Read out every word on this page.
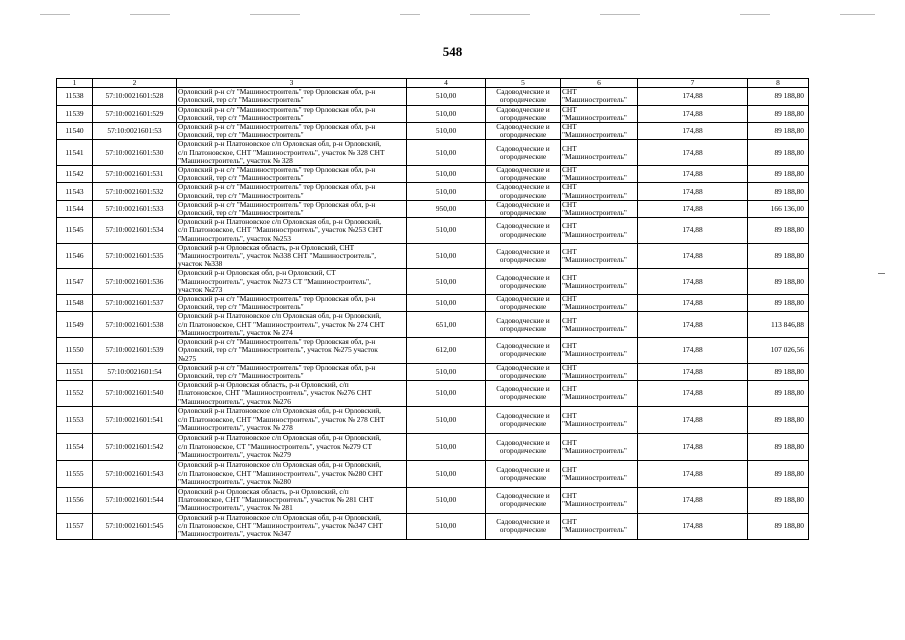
548
1	2	3	4	5	6	7	8
11538	57:10:0021601:528	Орловский р-н с/т "Машиностроитель" тер Орловская обл, р-н
Орловский, тер с/т "Машиностроитель"	510,00	Садоводческие и
огородические	СНТ
"Машиностроитель"	174,88	89 188,80
11539	57:10:0021601:529	Орловский р-н с/т "Машиностроитель" тер Орловская обл, р-н
Орловский, тер с/т "Машиностроитель"	510,00	Садоводческие и
огородические	СНТ
"Машиностроитель"	174,88	89 188,80
11540	57:10:0021601:53	Орловский р-н с/т "Машиностроитель" тер Орловская обл, р-н
Орловский, тер с/т "Машиностроитель"	510,00	Садоводческие и
огородические	СНТ
"Машиностроитель"	174,88	89 188,80
11541	57:10:0021601:530	Орловский р-н Платоновское с/п Орловская обл, р-н Орловский,
с/п Платоновское, СНТ "Машиностроитель", участок № 328 СНТ
"Машиностроитель", участок № 328	510,00	Садоводческие и
огородические	СНТ
"Машиностроитель"	174,88	89 188,80
11542	57:10:0021601:531	Орловский р-н с/т "Машиностроитель" тер Орловская обл, р-н
Орловский, тер с/т "Машиностроитель"	510,00	Садоводческие и
огородические	СНТ
"Машиностроитель"	174,88	89 188,80
11543	57:10:0021601:532	Орловский р-н с/т "Машиностроитель" тер Орловская обл, р-н
Орловский, тер с/т "Машиностроитель"	510,00	Садоводческие и
огородические	СНТ
"Машиностроитель"	174,88	89 188,80
11544	57:10:0021601:533	Орловский р-н с/т "Машиностроитель" тер Орловская обл, р-н
Орловский, тер с/т "Машиностроитель"	950,00	Садоводческие и
огородические	СНТ
"Машиностроитель"	174,88	166 136,00
11545	57:10:0021601:534	Орловский р-н Платоновское с/п Орловская обл, р-н Орловский,
с/п Платоновское, СНТ "Машиностроитель", участок №253 СНТ
"Машиностроитель", участок №253	510,00	Садоводческие и
огородические	СНТ
"Машиностроитель"	174,88	89 188,80
11546	57:10:0021601:535	Орловский р-н Орловская область, р-н Орловский, СНТ
"Машиностроитель", участок №338 СНТ "Машиностроитель",
участок №338	510,00	Садоводческие и
огородические	СНТ
"Машиностроитель"	174,88	89 188,80
11547	57:10:0021601:536	Орловский р-н Орловская обл, р-н Орловский, СТ
"Машиностроитель", участок №273 СТ "Машиностроитель",
участок №273	510,00	Садоводческие и
огородические	СНТ
"Машиностроитель"	174,88	89 188,80
11548	57:10:0021601:537	Орловский р-н с/т "Машиностроитель" тер Орловская обл, р-н
Орловский, тер с/т "Машиностроитель"	510,00	Садоводческие и
огородические	СНТ
"Машиностроитель"	174,88	89 188,80
11549	57:10:0021601:538	Орловский р-н Платоновское с/п Орловская обл, р-н Орловский,
с/п Платоновское, СНТ "Машиностроитель", участок № 274 СНТ
"Машиностроитель", участок № 274	651,00	Садоводческие и
огородические	СНТ
"Машиностроитель"	174,88	113 846,88
11550	57:10:0021601:539	Орловский р-н с/т "Машиностроитель" тер Орловская обл, р-н
Орловский, тер с/т "Машиностроитель", участок №275 участок
№275	612,00	Садоводческие и
огородические	СНТ
"Машиностроитель"	174,88	107 026,56
11551	57:10:0021601:54	Орловский р-н с/т "Машиностроитель" тер Орловская обл, р-н
Орловский, тер с/т "Машиностроитель"	510,00	Садоводческие и
огородические	СНТ
"Машиностроитель"	174,88	89 188,80
11552	57:10:0021601:540	Орловский р-н Орловская область, р-н Орловский, с/п
Платоновское, СНТ "Машиностроитель", участок №276 СНТ
"Машиностроитель", участок №276	510,00	Садоводческие и
огородические	СНТ
"Машиностроитель"	174,88	89 188,80
11553	57:10:0021601:541	Орловский р-н Платоновское с/п Орловская обл, р-н Орловский,
с/п Платоновское, СНТ "Машиностроитель", участок № 278 СНТ
"Машиностроитель", участок № 278	510,00	Садоводческие и
огородические	СНТ
"Машиностроитель"	174,88	89 188,80
11554	57:10:0021601:542	Орловский р-н Платоновское с/п Орловская обл, р-н Орловский,
с/п Платоновское, СТ "Машиностроитель", участок №279 СТ
"Машиностроитель", участок №279	510,00	Садоводческие и
огородические	СНТ
"Машиностроитель"	174,88	89 188,80
11555	57:10:0021601:543	Орловский р-н Платоновское с/п Орловская обл, р-н Орловский,
с/п Платоновское, СНТ "Машиностроитель", участок №280 СНТ
"Машиностроитель", участок №280	510,00	Садоводческие и
огородические	СНТ
"Машиностроитель"	174,88	89 188,80
11556	57:10:0021601:544	Орловский р-н Орловская область, р-н Орловский, с/п
Платоновское, СНТ "Машиностроитель", участок № 281 СНТ
"Машиностроитель", участок № 281	510,00	Садоводческие и
огородические	СНТ
"Машиностроитель"	174,88	89 188,80
11557	57:10:0021601:545	Орловский р-н Платоновское с/п Орловская обл, р-н Орловский,
с/п Платоновское, СНТ "Машиностроитель", участок №347 СНТ
"Машиностроитель", участок №347	510,00	Садоводческие и
огородические	СНТ
"Машиностроитель"	174,88	89 188,80
